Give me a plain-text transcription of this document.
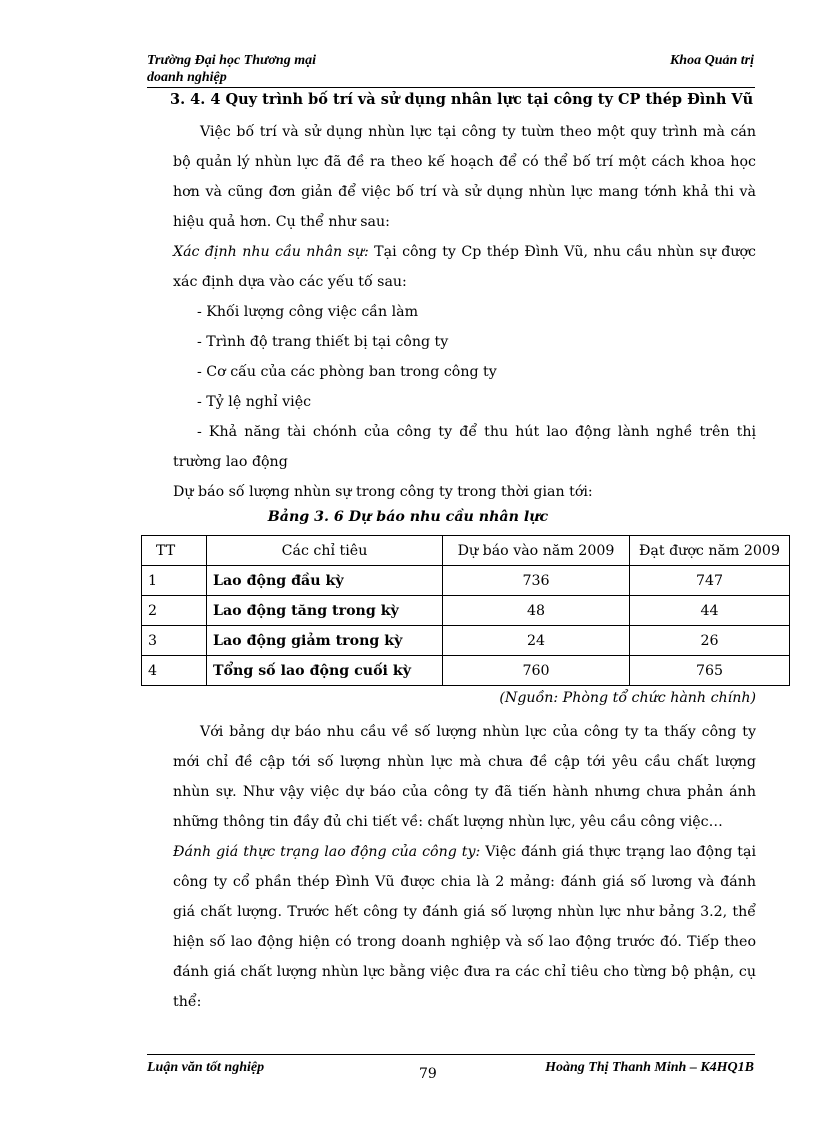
Trường Đại học Thương mại
doanh nghiệp
Khoa Quản trị
3. 4. 4 Quy trình bố trí và sử dụng nhân lực tại công ty CP thép Đình Vũ

Việc bố trí và sử dụng nhùn lực tại công ty tuừn theo một quy trình mà cán bộ quản lý nhùn lực đã đề ra theo kế hoạch để có thể bố trí một cách khoa học hơn và cũng đơn giản để việc bố trí và sử dụng nhùn lực mang tớnh khả thi và hiệu quả hơn. Cụ thể như sau:

Xác định nhu cầu nhân sự: Tại công ty Cp thép Đình Vũ, nhu cầu nhùn sự được xác định dựa vào các yếu tố sau:

- Khối lượng công việc cần làm
- Trình độ trang thiết bị tại công ty
- Cơ cấu của các phòng ban trong công ty
- Tỷ lệ nghỉ việc

- Khả năng tài chónh của công ty để thu hút lao động lành nghề trên thị trường lao động

Dự báo số lượng nhùn sự trong công ty trong thời gian tới:

Bảng 3. 6 Dự báo nhu cầu nhân lực
TT	Các chỉ tiêu	Dự báo vào năm 2009	Đạt được năm 2009
1	Lao động đầu kỳ	736	747
2	Lao động tăng trong kỳ	48	44
3	Lao động giảm trong kỳ	24	26
4	Tổng số lao động cuối kỳ	760	765
(Nguồn: Phòng tổ chức hành chính)

Với bảng dự báo nhu cầu về số lượng nhùn lực của công ty ta thấy công ty mới chỉ đề cập tới số lượng nhùn lực mà chưa đề cập tới yêu cầu chất lượng nhùn sự. Như vậy việc dự báo của công ty đã tiến hành nhưng chưa phản ánh những thông tin đầy đủ chi tiết về: chất lượng nhùn lực, yêu cầu công việc…

Đánh giá thực trạng lao động của công ty: Việc đánh giá thực trạng lao động tại công ty cổ phần thép Đình Vũ được chia là 2 mảng: đánh giá số lương và đánh giá chất lượng. Trước hết công ty đánh giá số lượng nhùn lực như bảng 3.2, thể hiện số lao động hiện có trong doanh nghiệp và số lao động trước đó. Tiếp theo đánh giá chất lượng nhùn lực bằng việc đưa ra các chỉ tiêu cho từng bộ phận, cụ thể:

Luận văn tốt nghiệp	79	Hoàng Thị Thanh Minh – K4HQ1B
